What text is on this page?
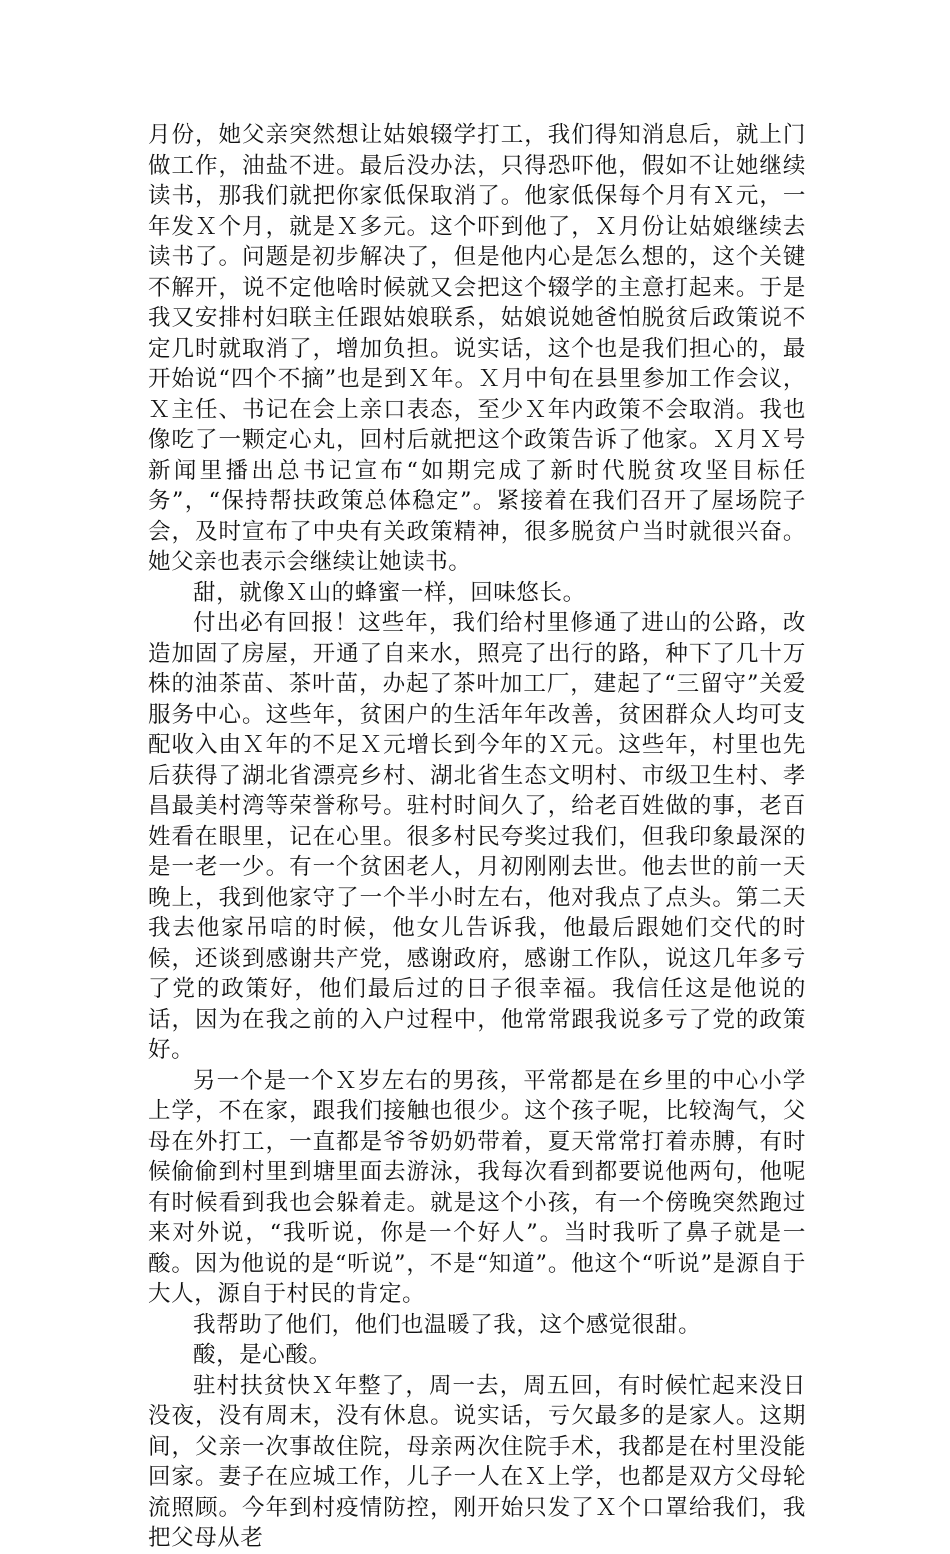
月份，她父亲突然想让姑娘辍学打工，我们得知消息后，就上门做工作，油盐不进。最后没办法，只得恐吓他，假如不让她继续读书，那我们就把你家低保取消了。他家低保每个月有Ｘ元，一年发Ｘ个月，就是Ｘ多元。这个吓到他了，Ｘ月份让姑娘继续去读书了。问题是初步解决了，但是他内心是怎么想的，这个关键不解开，说不定他啥时候就又会把这个辍学的主意打起来。于是我又安排村妇联主任跟姑娘联系，姑娘说她爸怕脱贫后政策说不定几时就取消了，增加负担。说实话，这个也是我们担心的，最开始说“四个不摘”也是到Ｘ年。Ｘ月中旬在县里参加工作会议，Ｘ主任、书记在会上亲口表态，至少Ｘ年内政策不会取消。我也像吃了一颗定心丸，回村后就把这个政策告诉了他家。Ｘ月Ｘ号新闻里播出总书记宣布“如期完成了新时代脱贫攻坚目标任务”，“保持帮扶政策总体稳定”。紧接着在我们召开了屋场院子会，及时宣布了中央有关政策精神，很多脱贫户当时就很兴奋。她父亲也表示会继续让她读书。

甜，就像Ｘ山的蜂蜜一样，回味悠长。

付出必有回报！这些年，我们给村里修通了进山的公路，改造加固了房屋，开通了自来水，照亮了出行的路，种下了几十万株的油茶苗、茶叶苗，办起了茶叶加工厂，建起了“三留守”关爱服务中心。这些年，贫困户的生活年年改善，贫困群众人均可支配收入由Ｘ年的不足Ｘ元增长到今年的Ｘ元。这些年，村里也先后获得了湖北省漂亮乡村、湖北省生态文明村、市级卫生村、孝昌最美村湾等荣誉称号。驻村时间久了，给老百姓做的事，老百姓看在眼里，记在心里。很多村民夸奖过我们，但我印象最深的是一老一少。有一个贫困老人，月初刚刚去世。他去世的前一天晚上，我到他家守了一个半小时左右，他对我点了点头。第二天我去他家吊唁的时候，他女儿告诉我，他最后跟她们交代的时候，还谈到感谢共产党，感谢政府，感谢工作队，说这几年多亏了党的政策好，他们最后过的日子很幸福。我信任这是他说的话，因为在我之前的入户过程中，他常常跟我说多亏了党的政策好。

另一个是一个Ｘ岁左右的男孩，平常都是在乡里的中心小学上学，不在家，跟我们接触也很少。这个孩子呢，比较淘气，父母在外打工，一直都是爷爷奶奶带着，夏天常常打着赤膊，有时候偷偷到村里到塘里面去游泳，我每次看到都要说他两句，他呢有时候看到我也会躲着走。就是这个小孩，有一个傍晚突然跑过来对外说，“我听说，你是一个好人”。当时我听了鼻子就是一酸。因为他说的是“听说”，不是“知道”。他这个“听说”是源自于大人，源自于村民的肯定。

我帮助了他们，他们也温暖了我，这个感觉很甜。

酸，是心酸。

驻村扶贫快Ｘ年整了，周一去，周五回，有时候忙起来没日没夜，没有周末，没有休息。说实话，亏欠最多的是家人。这期间，父亲一次事故住院，母亲两次住院手术，我都是在村里没能回家。妻子在应城工作，儿子一人在Ｘ上学，也都是双方父母轮流照顾。今年到村疫情防控，刚开始只发了Ｘ个口罩给我们，我把父母从老
